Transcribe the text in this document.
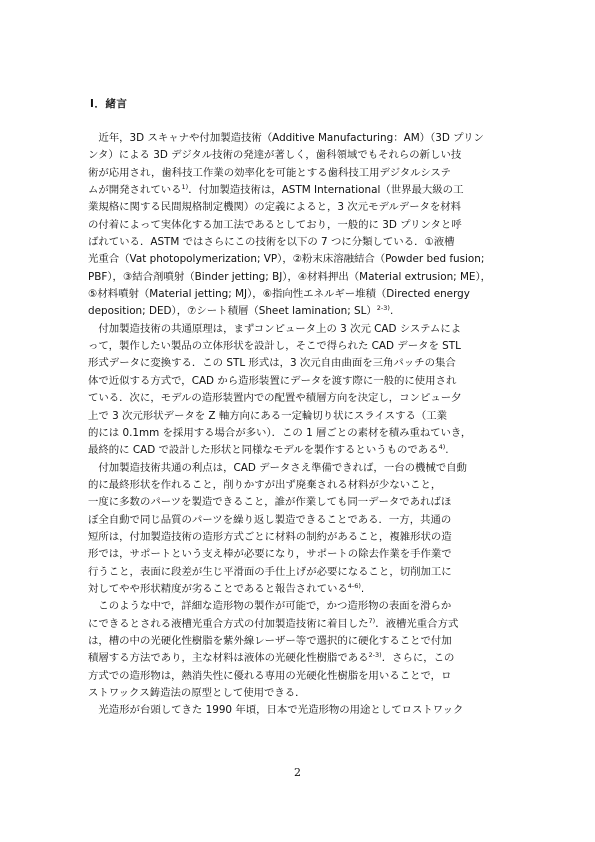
Ⅰ．緒言
　近年，3D スキャナや付加製造技術（Additive Manufacturing：AM）（3D プリン
ンタ）による 3D デジタル技術の発達が著しく，歯科領域でもそれらの新しい技
術が応用され，歯科技工作業の効率化を可能とする歯科技工用デジタルシステ
ムが開発されている$^{1)}$．付加製造技術は，ASTM International（世界最大級の工
業規格に関する民間規格制定機関）の定義によると，3 次元モデルデータを材料
の付着によって実体化する加工法であるとしており，一般的に 3D プリンタと呼
ばれている．ASTM ではさらにこの技術を以下の 7 つに分類している．①液槽
光重合（Vat photopolymerization; VP），②粉末床溶融結合（Powder bed fusion;
PBF），③結合剤噴射（Binder jetting; BJ），④材料押出（Material extrusion; ME），
⑤材料噴射（Material jetting; MJ），⑥指向性エネルギー堆積（Directed energy
deposition; DED），⑦シート積層（Sheet lamination; SL）$^{2-3)}$.
　付加製造技術の共通原理は，まずコンピュータ上の 3 次元 CAD システムによ
って，製作したい製品の立体形状を設計し，そこで得られた CAD データを STL
形式データに変換する．この STL 形式は，3 次元自由曲面を三角パッチの集合
体で近似する方式で，CAD から造形装置にデータを渡す際に一般的に使用され
ている．次に，モデルの造形装置内での配置や積層方向を決定し，コンピュー夕
上で 3 次元形状データを Z 軸方向にある一定輪切り状にスライスする（工業
的には 0.1mm を採用する場合が多い）．この 1 層ごとの素材を積み重ねていき，
最終的に CAD で設計した形状と同様なモデルを製作するというものである$^{4)}$.
　付加製造技術共通の利点は，CAD データさえ準備できれば，一台の機械で自動
的に最終形状を作れること，削りかすが出ず廃棄される材料が少ないこと，
一度に多数のパーツを製造できること，誰が作業しても同一データであればほ
ぼ全自動で同じ品質のパーツを繰り返し製造できることである．一方，共通の
短所は，付加製造技術の造形方式ごとに材料の制約があること，複雑形状の造
形では，サポートという支え棒が必要になり，サポートの除去作業を手作業で
行うこと，表面に段差が生じ平滑面の手仕上げが必要になること，切削加工に
対してやや形状精度が劣ることであると報告されている$^{4-6)}$.
　このような中で，詳細な造形物の製作が可能で，かつ造形物の表面を滑らか
にできるとされる液槽光重合方式の付加製造技術に着目した$^{7)}$．液槽光重合方式
は，槽の中の光硬化性樹脂を紫外線レーザー等で選択的に硬化することで付加
積層する方法であり，主な材料は液体の光硬化性樹脂である$^{2-3)}$．さらに，この
方式での造形物は，熱消失性に優れる専用の光硬化性樹脂を用いることで，ロ
ストワックス鋳造法の原型として使用できる．
　光造形が台頭してきた 1990 年頃，日本で光造形物の用途としてロストワック
2
